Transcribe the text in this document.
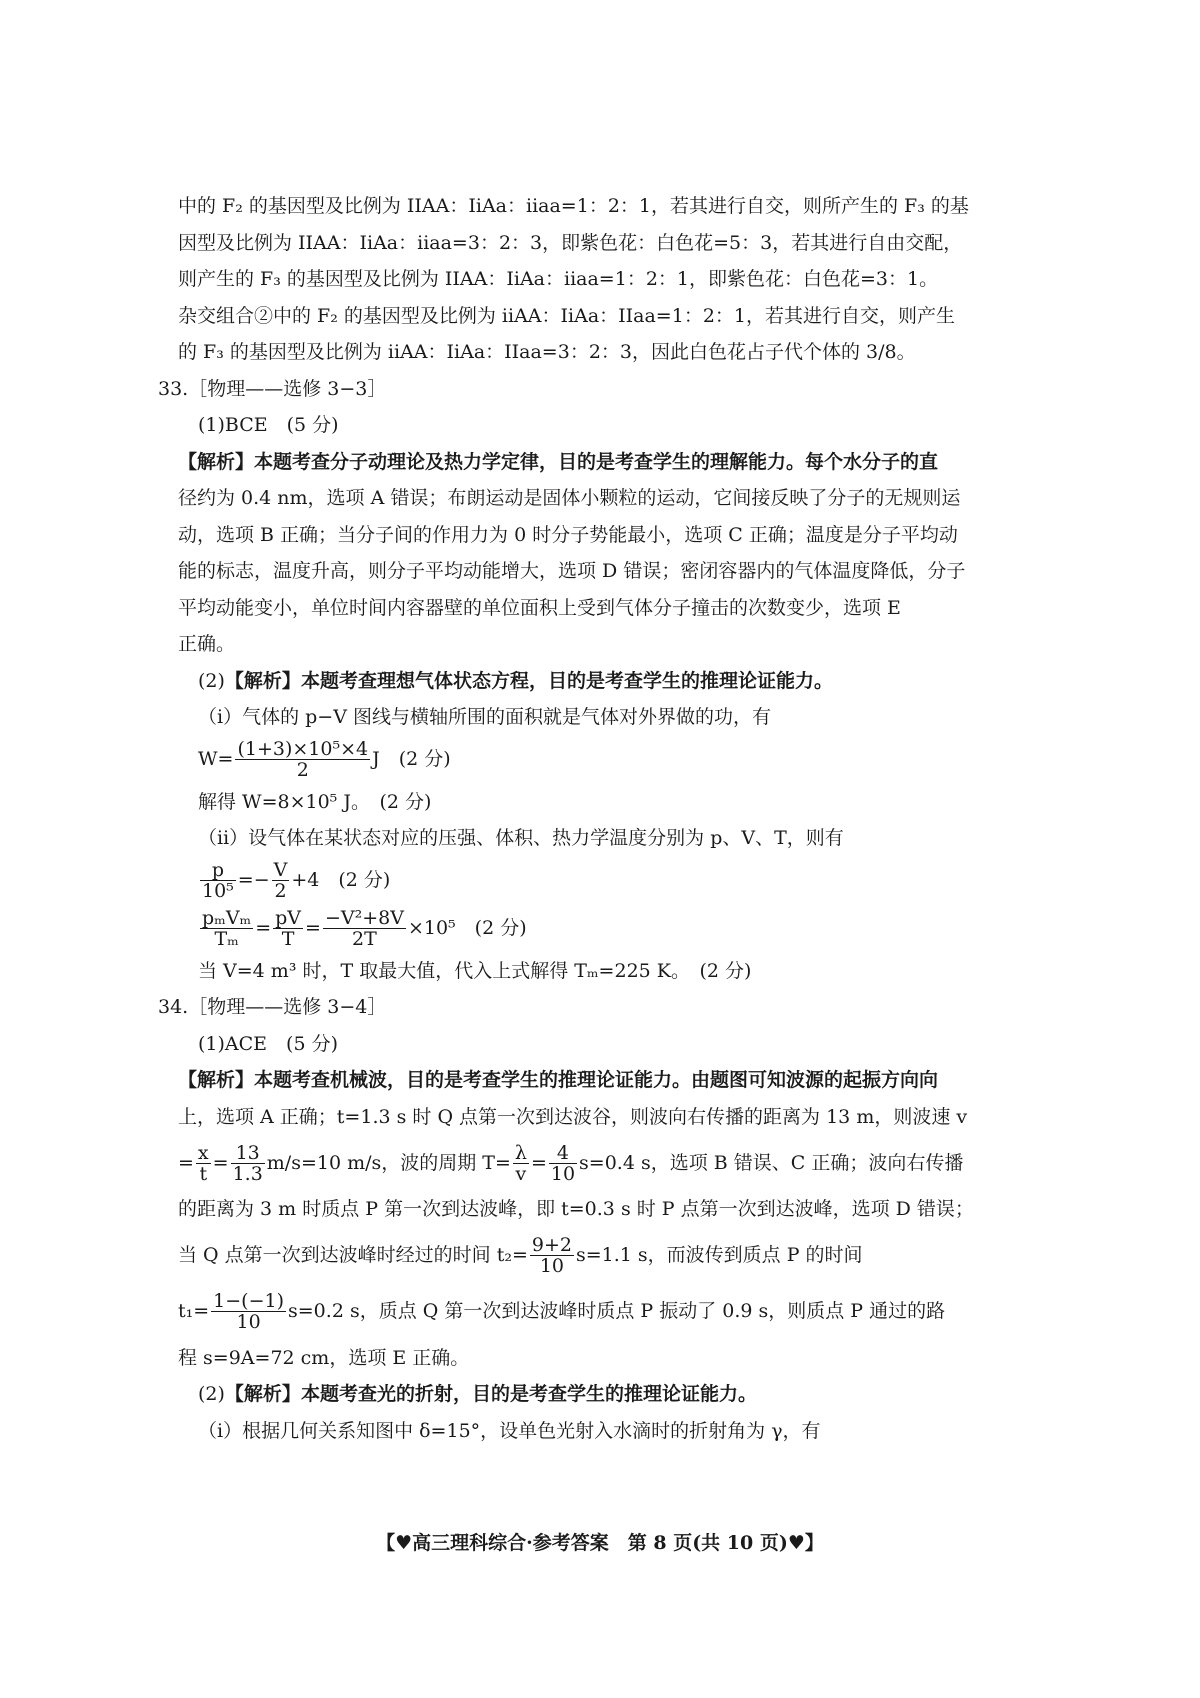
中的 F₂ 的基因型及比例为 IIAA：IiAa：iiaa=1：2：1，若其进行自交，则所产生的 F₃ 的基
因型及比例为 IIAA：IiAa：iiaa=3：2：3，即紫色花：白色花=5：3，若其进行自由交配，
则产生的 F₃ 的基因型及比例为 IIAA：IiAa：iiaa=1：2：1，即紫色花：白色花=3：1。
杂交组合②中的 F₂ 的基因型及比例为 iiAA：IiAa：IIaa=1：2：1，若其进行自交，则产生
的 F₃ 的基因型及比例为 iiAA：IiAa：IIaa=3：2：3，因此白色花占子代个体的 3/8。
33.［物理——选修 3−3］
(1)BCE　(5 分)
【解析】本题考查分子动理论及热力学定律，目的是考查学生的理解能力。每个水分子的直
径约为 0.4 nm，选项 A 错误；布朗运动是固体小颗粒的运动，它间接反映了分子的无规则运
动，选项 B 正确；当分子间的作用力为 0 时分子势能最小，选项 C 正确；温度是分子平均动
能的标志，温度升高，则分子平均动能增大，选项 D 错误；密闭容器内的气体温度降低，分子
平均动能变小，单位时间内容器壁的单位面积上受到气体分子撞击的次数变少，选项 E
正确。
(2)【解析】本题考查理想气体状态方程，目的是考查学生的推理论证能力。
（ⅰ）气体的 p−V 图线与横轴所围的面积就是气体对外界做的功，有
$W= \frac{\text{(1+3)×10⁵×4}}{2}$ J　(2 分)
解得 W=8×10⁵ J。　(2 分)
（ⅱ）设气体在某状态对应的压强、体积、热力学温度分别为 p、V、T，则有
$\frac{p}{\text{10⁵}} =- \frac{V}{2} +4$　(2 分)
pₘVₘ
$T_m = \frac{pV}{T} = \frac{\text{−V²+8V}}{2T} \times 10^5$　(2 分)
当 V=4 m³ 时，T 取最大值，代入上式解得 Tₘ=225 K。　(2 分)
34.［物理——选修 3−4］
(1)ACE　(5 分)
【解析】本题考查机械波，目的是考查学生的推理论证能力。由题图可知波源的起振方向向
上，选项 A 正确；t=1.3 s 时 Q 点第一次到达波谷，则波向右传播的距离为 13 m，则波速 v
= $\frac{x}{t} = \frac{13}{1.3} m/s=10$ m/s，波的周期 $T= \frac{\lambda}{v} = \frac{4}{10} s=0.4$ s，选项 B 错误、C 正确；波向右传播
的距离为 3 m 时质点 P 第一次到达波峰，即 t=0.3 s 时 P 点第一次到达波峰，选项 D 错误；
当 Q 点第一次到达波峰时经过的时间 $t_2= \frac{9+2}{10} s=1.1$ s，而波传到质点 P 的时间
$t_1= \frac{1-(-1)}{10} s=0.2$ s，质点 Q 第一次到达波峰时质点 P 振动了 0.9 s，则质点 P 通过的路
程 s=9A=72 cm，选项 E 正确。
(2)【解析】本题考查光的折射，目的是考查学生的推理论证能力。
（ⅰ）根据几何关系知图中 δ=15°，设单色光射入水滴时的折射角为 γ，有
【♥高三理科综合·参考答案　第 8 页(共 10 页)♥】
